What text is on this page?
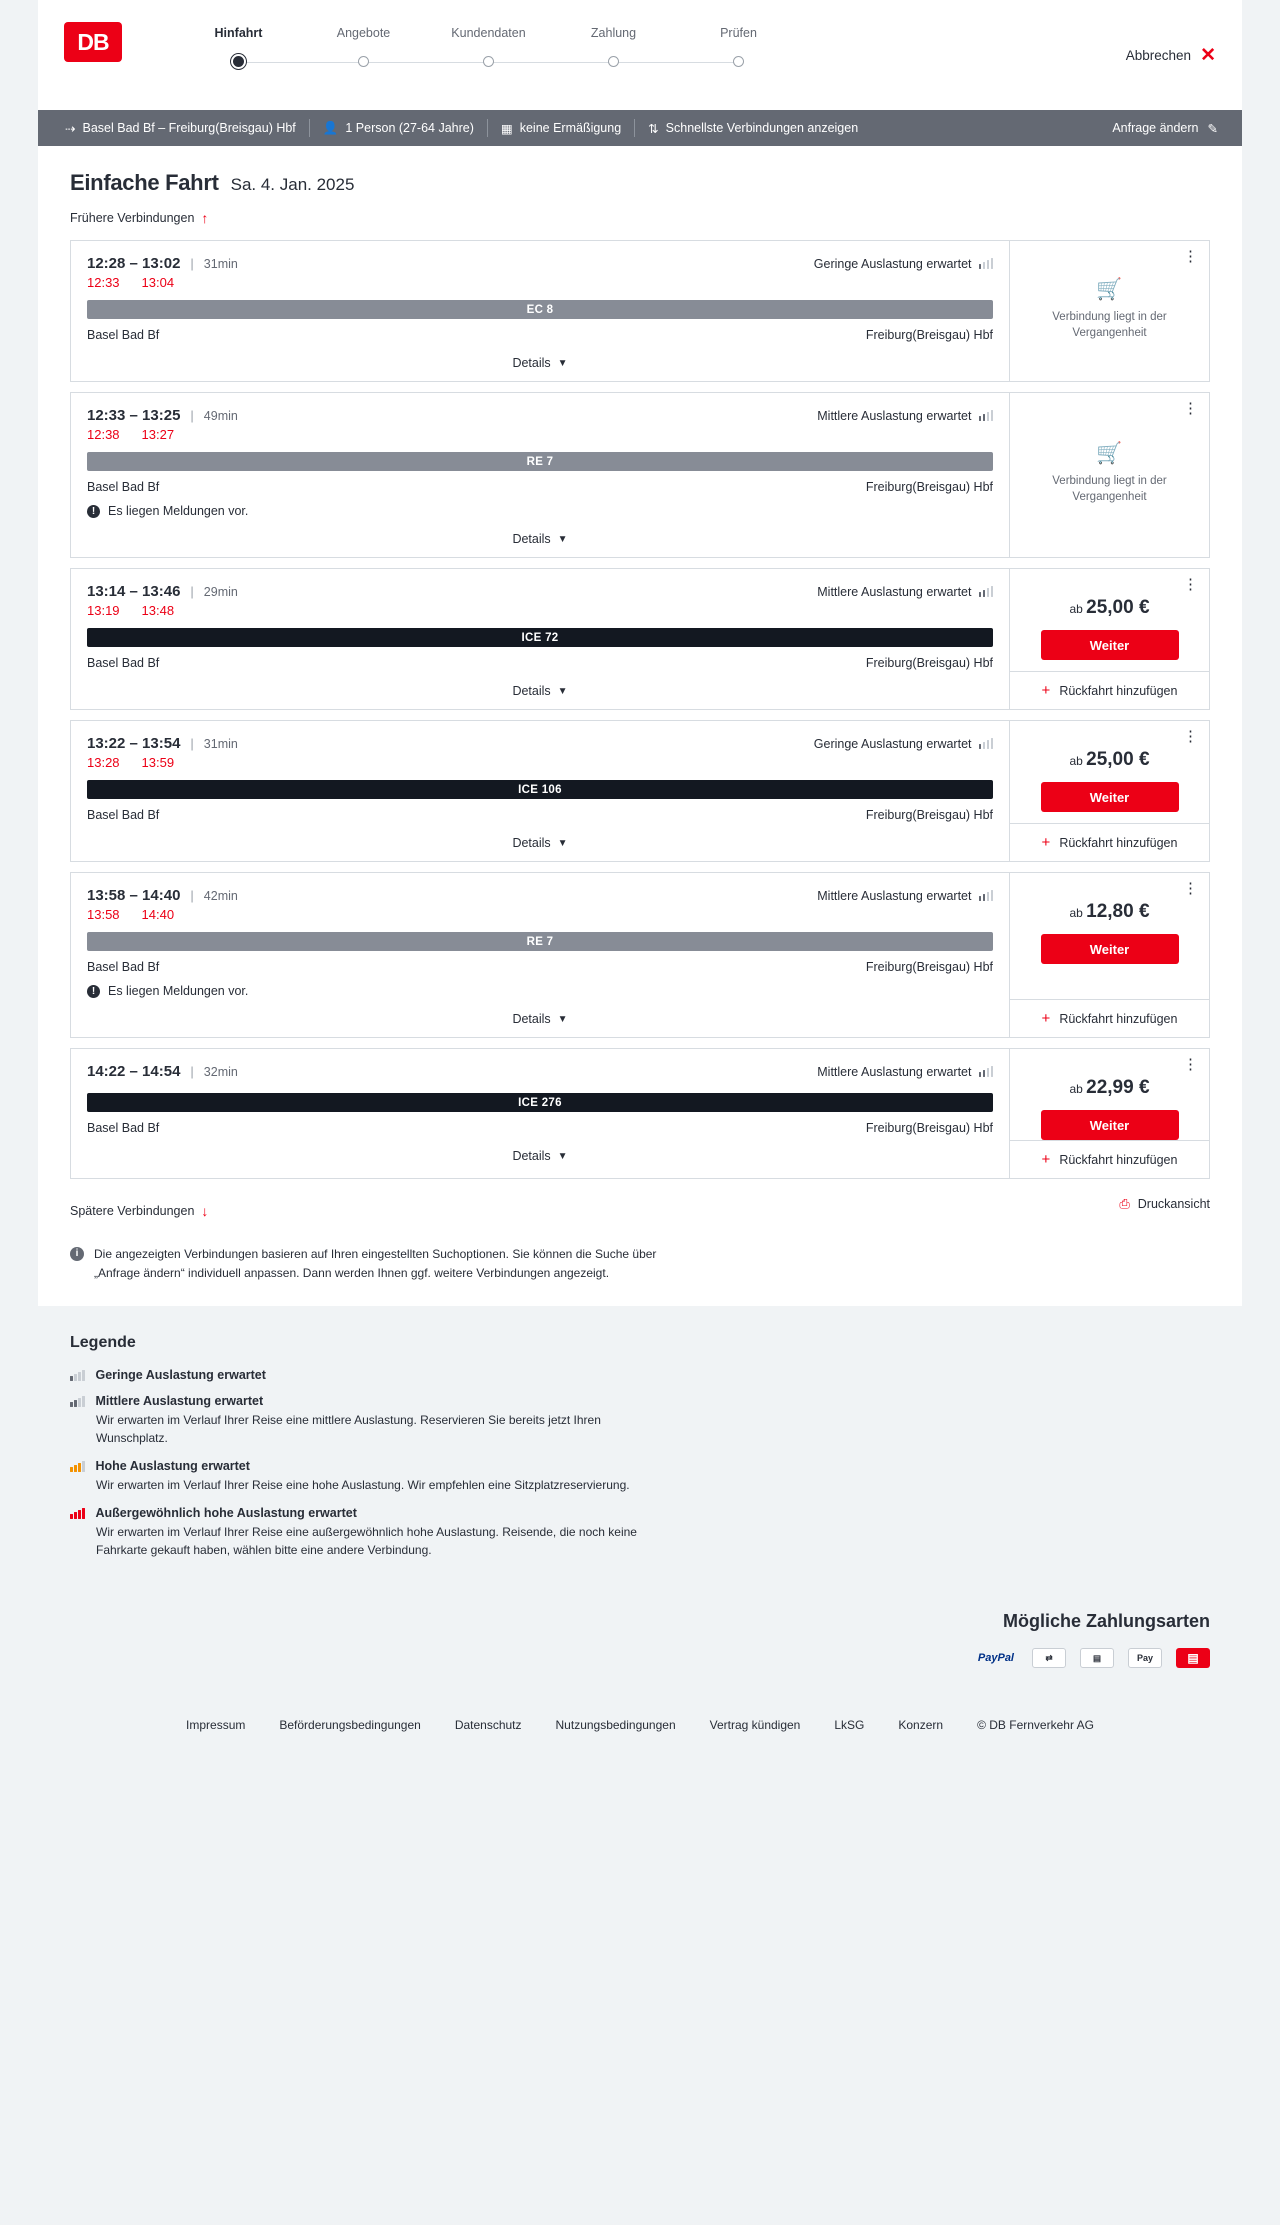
DB	Hinfahrt	Angebote	Kundendaten	Zahlung	Prüfen
Abbrechen ✕
⇢ Basel Bad Bf – Freiburg(Breisgau) Hbf 👤 1 Person (27-64 Jahre) ▦ keine Ermäßigung ⇅ Schnellste Verbindungen anzeigen	Anfrage ändern ✎
Einfache Fahrt Sa. 4. Jan. 2025
Frühere Verbindungen ↑
12:28 – 13:02 | 31min	Geringe Auslastung erwartet
12:33 13:04
EC 8
Basel Bad Bf	Freiburg(Breisgau) Hbf
Details ▼
⋮
🛒
Verbindung liegt in der Vergangenheit
12:33 – 13:25 | 49min	Mittlere Auslastung erwartet
12:38 13:27
RE 7
Basel Bad Bf	Freiburg(Breisgau) Hbf
!	Es liegen Meldungen vor.
Details ▼
⋮
🛒
Verbindung liegt in der Vergangenheit
13:14 – 13:46 | 29min	Mittlere Auslastung erwartet
13:19 13:48
ICE 72
Basel Bad Bf	Freiburg(Breisgau) Hbf
Details ▼
⋮
ab 25,00 €
Weiter
+ Rückfahrt hinzufügen
13:22 – 13:54 | 31min	Geringe Auslastung erwartet
13:28 13:59
ICE 106
Basel Bad Bf	Freiburg(Breisgau) Hbf
Details ▼
⋮
ab 25,00 €
Weiter
+ Rückfahrt hinzufügen
13:58 – 14:40 | 42min	Mittlere Auslastung erwartet
13:58 14:40
RE 7
Basel Bad Bf	Freiburg(Breisgau) Hbf
!	Es liegen Meldungen vor.
Details ▼
⋮
ab 12,80 €
Weiter
+ Rückfahrt hinzufügen
14:22 – 14:54 | 32min	Mittlere Auslastung erwartet
ICE 276
Basel Bad Bf	Freiburg(Breisgau) Hbf
Details ▼
⋮
ab 22,99 €
Weiter
+ Rückfahrt hinzufügen
Spätere Verbindungen ↓	⎙ Druckansicht
i	Die angezeigten Verbindungen basieren auf Ihren eingestellten Suchoptionen. Sie können die Suche über „Anfrage ändern“ individuell anpassen. Dann werden Ihnen ggf. weitere Verbindungen angezeigt.
Legende
Geringe Auslastung erwartet
Mittlere Auslastung erwartet
Wir erwarten im Verlauf Ihrer Reise eine mittlere Auslastung. Reservieren Sie bereits jetzt Ihren Wunschplatz.
Hohe Auslastung erwartet
Wir erwarten im Verlauf Ihrer Reise eine hohe Auslastung. Wir empfehlen eine Sitzplatzreservierung.
Außergewöhnlich hohe Auslastung erwartet
Wir erwarten im Verlauf Ihrer Reise eine außergewöhnlich hohe Auslastung. Reisende, die noch keine Fahrkarte gekauft haben, wählen bitte eine andere Verbindung.
Mögliche Zahlungsarten
PayPal	⇄	▤	Pay	▤
Impressum	Beförderungsbedingungen	Datenschutz	Nutzungsbedingungen	Vertrag kündigen	LkSG	Konzern	© DB Fernverkehr AG
